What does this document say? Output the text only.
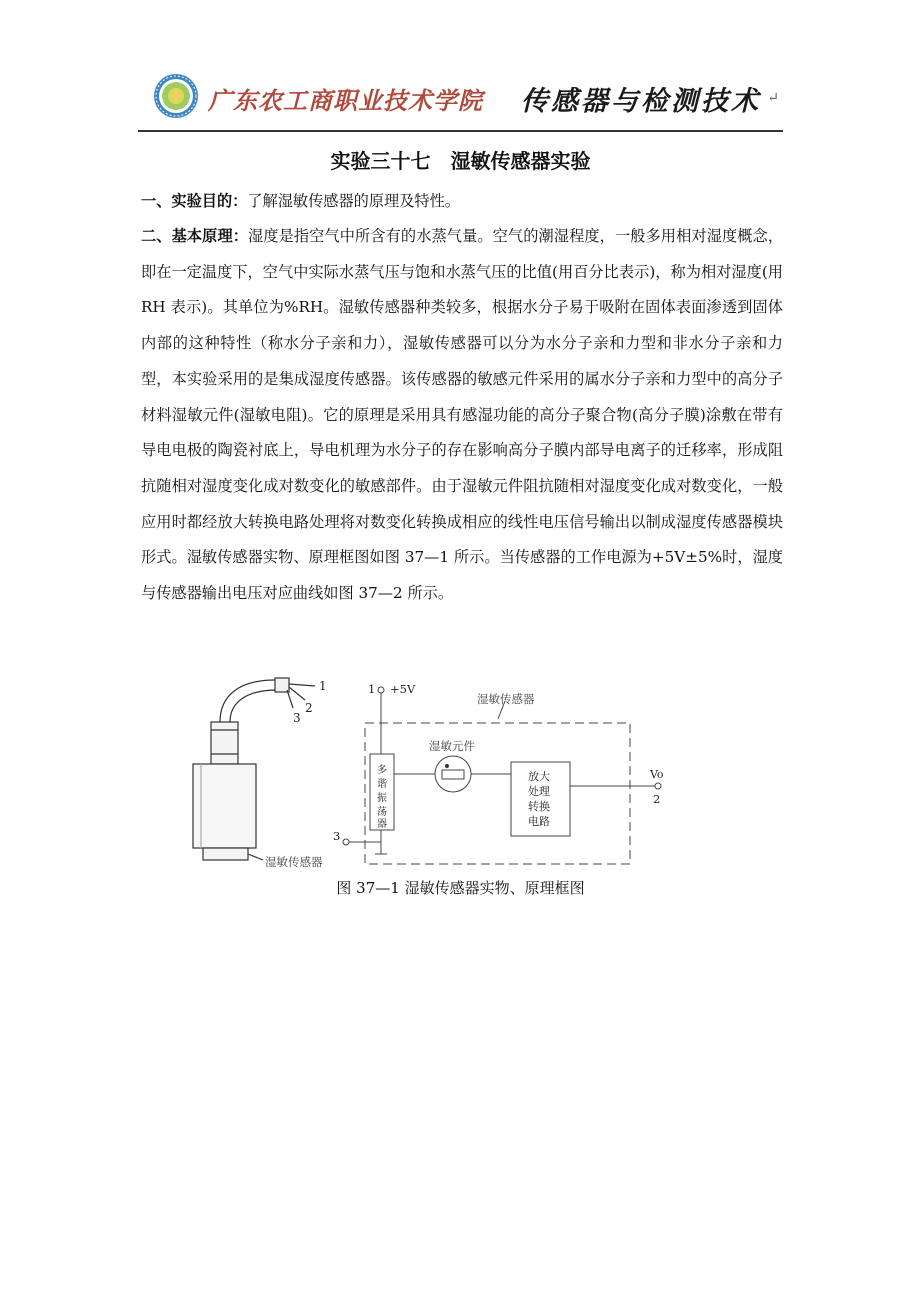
广东农工商职业技术学院 传感器与检测技术 ↵
实验三十七　湿敏传感器实验
一、实验目的：了解湿敏传感器的原理及特性。
二、基本原理：湿度是指空气中所含有的水蒸气量。空气的潮湿程度，一般多用相对湿度概念，即在一定温度下，空气中实际水蒸气压与饱和水蒸气压的比值(用百分比表示)，称为相对湿度(用 RH 表示)。其单位为%RH。湿敏传感器种类较多，根据水分子易于吸附在固体表面渗透到固体内部的这种特性（称水分子亲和力），湿敏传感器可以分为水分子亲和力型和非水分子亲和力型，本实验采用的是集成湿度传感器。该传感器的敏感元件采用的属水分子亲和力型中的高分子材料湿敏元件(湿敏电阻)。它的原理是采用具有感湿功能的高分子聚合物(高分子膜)涂敷在带有导电电极的陶瓷衬底上，导电机理为水分子的存在影响高分子膜内部导电离子的迁移率，形成阻抗随相对湿度变化成对数变化的敏感部件。由于湿敏元件阻抗随相对湿度变化成对数变化，一般应用时都经放大转换电路处理将对数变化转换成相应的线性电压信号输出以制成湿度传感器模块形式。湿敏传感器实物、原理框图如图 37—1 所示。当传感器的工作电源为+5V±5%时，湿度与传感器输出电压对应曲线如图 37—2 所示。
1
2
3
湿敏传感器
1 +5V
湿敏传感器
湿敏元件
多
谐
振
荡
器
放大
处理
转换
电路
Vo
2
3
图 37—1 湿敏传感器实物、原理框图
